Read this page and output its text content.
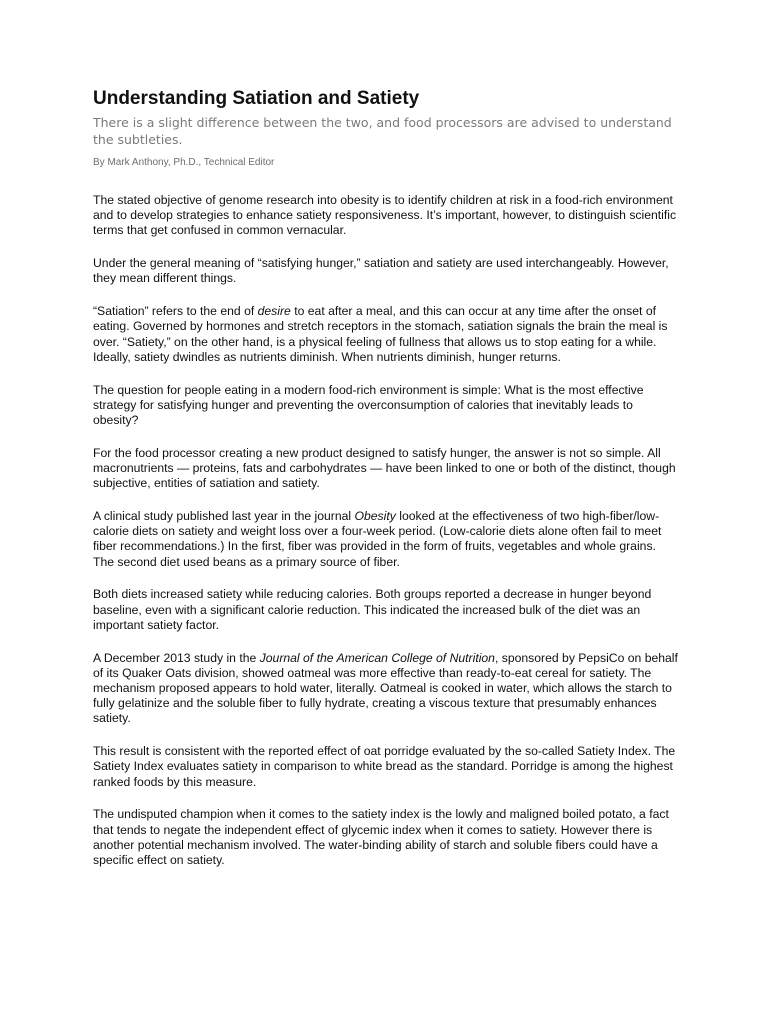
Understanding Satiation and Satiety
There is a slight difference between the two, and food processors are advised to understand the subtleties.
By Mark Anthony, Ph.D., Technical Editor

The stated objective of genome research into obesity is to identify children at risk in a food-rich environment and to develop strategies to enhance satiety responsiveness. It’s important, however, to distinguish scientific terms that get confused in common vernacular.

Under the general meaning of “satisfying hunger,” satiation and satiety are used interchangeably. However, they mean different things.

“Satiation” refers to the end of desire to eat after a meal, and this can occur at any time after the onset of eating. Governed by hormones and stretch receptors in the stomach, satiation signals the brain the meal is over. “Satiety,” on the other hand, is a physical feeling of fullness that allows us to stop eating for a while. Ideally, satiety dwindles as nutrients diminish. When nutrients diminish, hunger returns.

The question for people eating in a modern food-rich environment is simple: What is the most effective strategy for satisfying hunger and preventing the overconsumption of calories that inevitably leads to obesity?

For the food processor creating a new product designed to satisfy hunger, the answer is not so simple. All macronutrients — proteins, fats and carbohydrates — have been linked to one or both of the distinct, though subjective, entities of satiation and satiety.

A clinical study published last year in the journal Obesity looked at the effectiveness of two high-fiber/low-calorie diets on satiety and weight loss over a four-week period. (Low-calorie diets alone often fail to meet fiber recommendations.) In the first, fiber was provided in the form of fruits, vegetables and whole grains. The second diet used beans as a primary source of fiber.

Both diets increased satiety while reducing calories. Both groups reported a decrease in hunger beyond baseline, even with a significant calorie reduction. This indicated the increased bulk of the diet was an important satiety factor.

A December 2013 study in the Journal of the American College of Nutrition, sponsored by PepsiCo on behalf of its Quaker Oats division, showed oatmeal was more effective than ready-to-eat cereal for satiety. The mechanism proposed appears to hold water, literally. Oatmeal is cooked in water, which allows the starch to fully gelatinize and the soluble fiber to fully hydrate, creating a viscous texture that presumably enhances satiety.

This result is consistent with the reported effect of oat porridge evaluated by the so-called Satiety Index. The Satiety Index evaluates satiety in comparison to white bread as the standard. Porridge is among the highest ranked foods by this measure.

The undisputed champion when it comes to the satiety index is the lowly and maligned boiled potato, a fact that tends to negate the independent effect of glycemic index when it comes to satiety. However there is another potential mechanism involved. The water-binding ability of starch and soluble fibers could have a specific effect on satiety.
